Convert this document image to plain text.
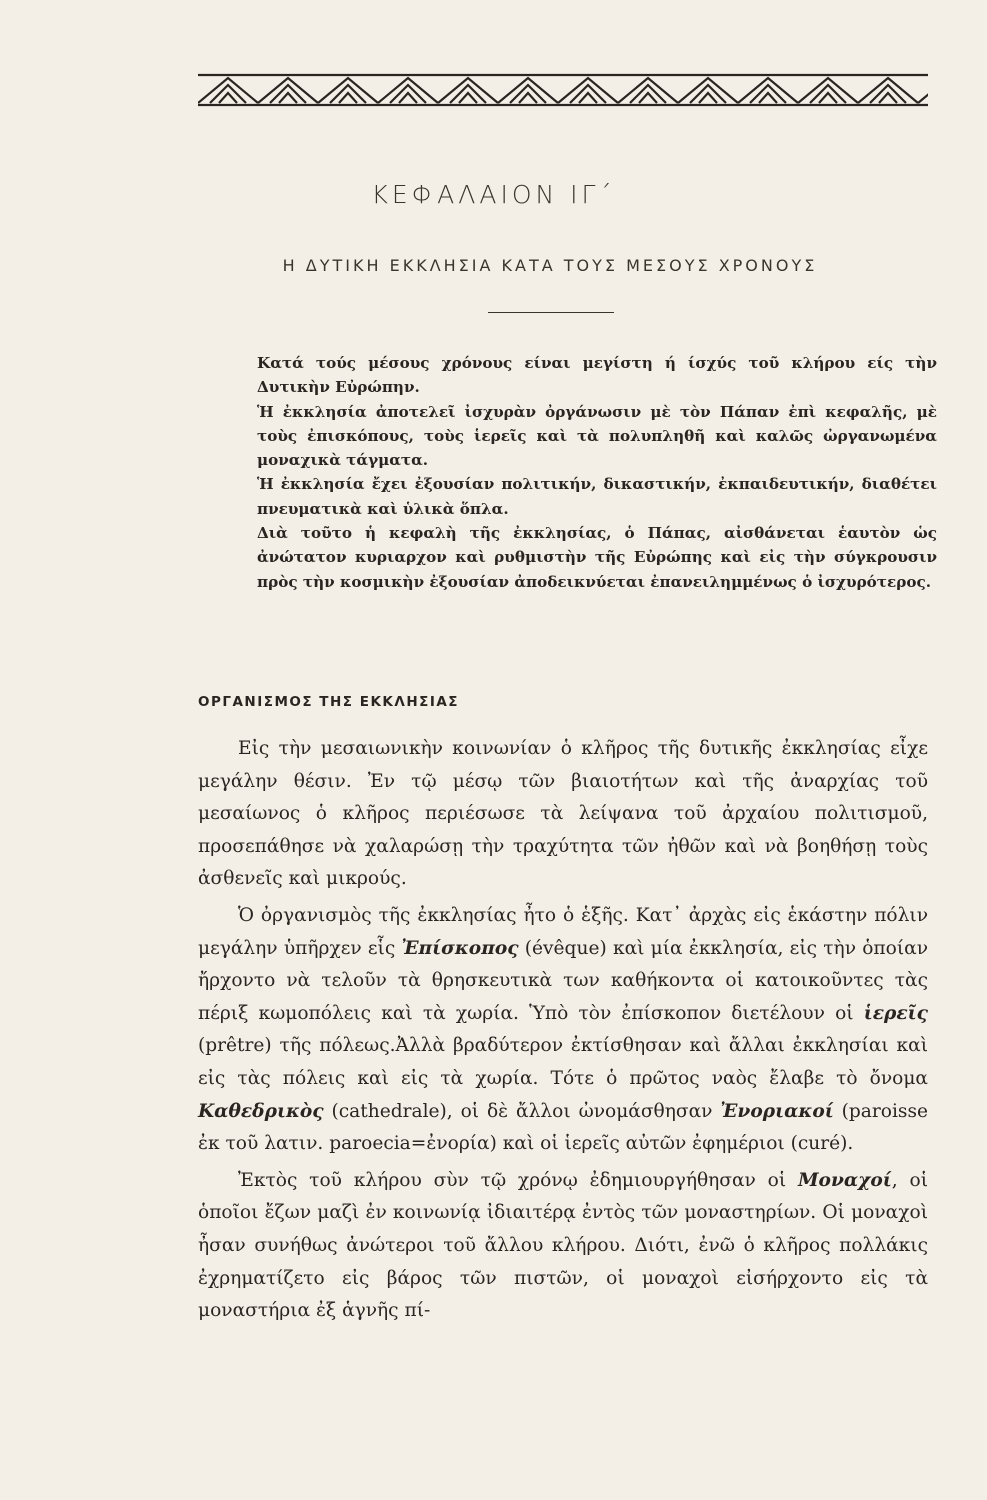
ΚΕΦΑΛΑΙΟΝ ΙΓ΄
Η ΔΥΤΙΚΗ ΕΚΚΛΗΣΙΑ ΚΑΤΑ ΤΟΥΣ ΜΕΣΟΥΣ ΧΡΟΝΟΥΣ

Κατά τούς μέσους χρόνους είναι μεγίστη ή ίσχύς τοῦ κλήρου είς τὴν Δυτικὴν Εὐρώπην.

Ἡ ἐκκλησία ἀποτελεῖ ἰσχυρὰν ὀργάνωσιν μὲ τὸν Πάπαν ἐπὶ κεφαλῆς, μὲ τοὺς ἐπισκόπους, τοὺς ἱερεῖς καὶ τὰ πολυπληθῆ καὶ καλῶς ὠργανωμένα μοναχικὰ τάγματα.

Ἡ ἐκκλησία ἔχει ἐξουσίαν πολιτικήν, δικαστικήν, ἐκπαιδευτικήν, διαθέτει πνευματικὰ καὶ ὑλικὰ ὅπλα.

Διὰ τοῦτο ἡ κεφαλὴ τῆς ἐκκλησίας, ὁ Πάπας, αἰσθάνεται ἑαυτὸν ὡς ἀνώτατον κυριαρχον καὶ ρυθμιστὴν τῆς Εὐρώπης καὶ εἰς τὴν σύγκρουσιν πρὸς τὴν κοσμικὴν ἐξουσίαν ἀποδεικνύεται ἐπανειλημμένως ὁ ἰσχυρότερος.

ΟΡΓΑΝΙΣΜΟΣ ΤΗΣ ΕΚΚΛΗΣΙΑΣ

Εἰς τὴν μεσαιωνικὴν κοινωνίαν ὁ κλῆρος τῆς δυτικῆς ἐκκλησίας εἶχε μεγάλην θέσιν. Ἐν τῷ μέσῳ τῶν βιαιοτήτων καὶ τῆς ἀναρχίας τοῦ μεσαίωνος ὁ κλῆρος περιέσωσε τὰ λείψανα τοῦ ἀρχαίου πολιτισμοῦ, προσεπάθησε νὰ χαλαρώσῃ τὴν τραχύτητα τῶν ἠθῶν καὶ νὰ βοηθήσῃ τοὺς ἀσθενεῖς καὶ μικρούς.

Ὁ ὀργανισμὸς τῆς ἐκκλησίας ἦτο ὁ ἑξῆς. Κατ᾽ ἀρχὰς εἰς ἑκάστην πόλιν μεγάλην ὑπῆρχεν εἷς Ἐπίσκοπος (évêque) καὶ μία ἐκκλησία, εἰς τὴν ὁποίαν ἤρχοντο νὰ τελοῦν τὰ θρησκευτικὰ των καθήκοντα οἱ κατοικοῦντες τὰς πέριξ κωμοπόλεις καὶ τὰ χωρία. Ὑπὸ τὸν ἐπίσκοπον διετέλουν οἱ ἱερεῖς (prêtre) τῆς πόλεως.Ἀλλὰ βραδύτερον ἐκτίσθησαν καὶ ἄλλαι ἐκκλησίαι καὶ εἰς τὰς πόλεις καὶ εἰς τὰ χωρία. Τότε ὁ πρῶτος ναὸς ἔλαβε τὸ ὄνομα Καθεδρικὸς (cathedrale), οἱ δὲ ἄλλοι ὠνομάσθησαν Ἐνοριακοί (paroisse ἐκ τοῦ λατιν. paroecia=ἐνορία) καὶ οἱ ἱερεῖς αὐτῶν ἐφημέριοι (curé).

Ἐκτὸς τοῦ κλήρου σὺν τῷ χρόνῳ ἐδημιουργήθησαν οἱ Μοναχοί, οἱ ὁποῖοι ἔζων μαζὶ ἐν κοινωνίᾳ ἰδιαιτέρᾳ ἐντὸς τῶν μοναστηρίων. Οἱ μοναχοὶ ἦσαν συνήθως ἀνώτεροι τοῦ ἄλλου κλήρου. Διότι, ἐνῶ ὁ κλῆρος πολλάκις ἐχρηματίζετο εἰς βάρος τῶν πιστῶν, οἱ μοναχοὶ εἰσήρχοντο εἰς τὰ μοναστήρια ἐξ ἁγνῆς πί-
